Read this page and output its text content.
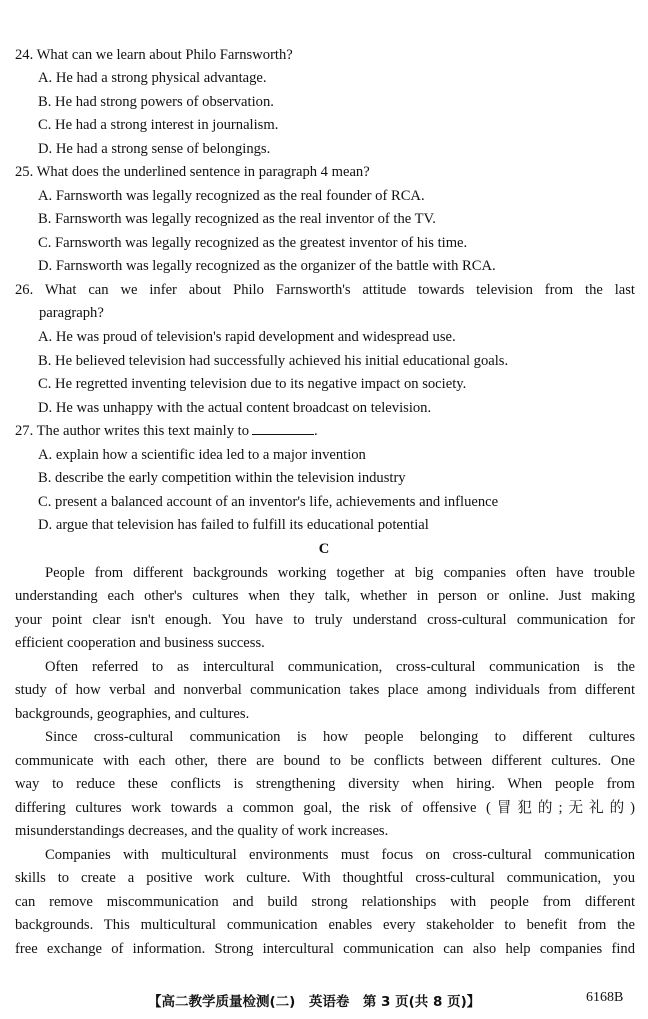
24. What can we learn about Philo Farnsworth?
A. He had a strong physical advantage.
B. He had strong powers of observation.
C. He had a strong interest in journalism.
D. He had a strong sense of belongings.
25. What does the underlined sentence in paragraph 4 mean?
A. Farnsworth was legally recognized as the real founder of RCA.
B. Farnsworth was legally recognized as the real inventor of the TV.
C. Farnsworth was legally recognized as the greatest inventor of his time.
D. Farnsworth was legally recognized as the organizer of the battle with RCA.
26. What can we infer about Philo Farnsworth's attitude towards television from the last
paragraph?
A. He was proud of television's rapid development and widespread use.
B. He believed television had successfully achieved his initial educational goals.
C. He regretted inventing television due to its negative impact on society.
D. He was unhappy with the actual content broadcast on television.
27. The author writes this text mainly to	.
A. explain how a scientific idea led to a major invention
B. describe the early competition within the television industry
C. present a balanced account of an inventor's life, achievements and influence
D. argue that television has failed to fulfill its educational potential
C
People from different backgrounds working together at big companies often have trouble
understanding each other's cultures when they talk, whether in person or online. Just making
your point clear isn't enough. You have to truly understand cross-cultural communication for
efficient cooperation and business success.
Often referred to as intercultural communication, cross-cultural communication is the
study of how verbal and nonverbal communication takes place among individuals from different
backgrounds, geographies, and cultures.
Since cross-cultural communication is how people belonging to different cultures
communicate with each other, there are bound to be conflicts between different cultures. One
way to reduce these conflicts is strengthening diversity when hiring. When people from
differing cultures work towards a common goal, the risk of offensive (冒犯的;无礼的)
misunderstandings decreases, and the quality of work increases.
Companies with multicultural environments must focus on cross-cultural communication
skills to create a positive work culture. With thoughtful cross-cultural communication, you
can remove miscommunication and build strong relationships with people from different
backgrounds. This multicultural communication enables every stakeholder to benefit from the
free exchange of information. Strong intercultural communication can also help companies find
【高二教学质量检测(二)　英语卷　第 3 页(共 8 页)】	6168B
